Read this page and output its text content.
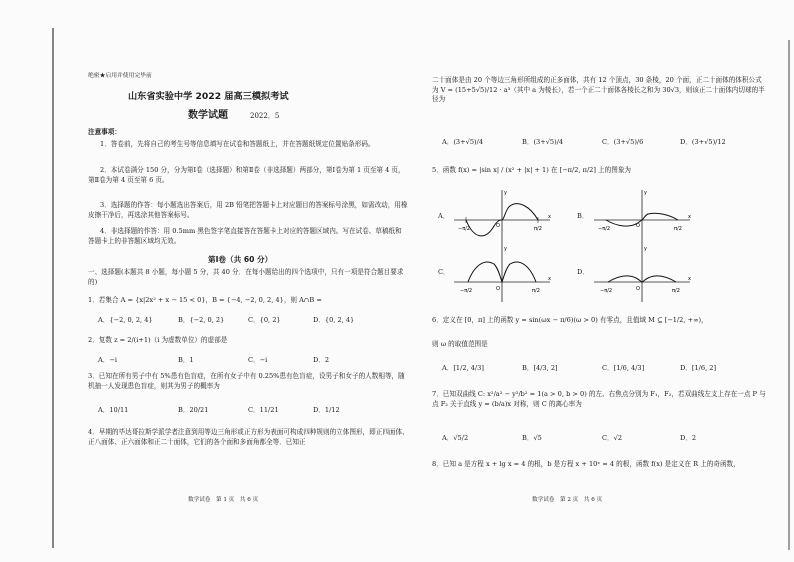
绝密★启用并使用完毕前
山东省实验中学 2022 届高三模拟考试
数学试题	2022．5
注意事项：
1．答卷前，先将自己的考生号等信息填写在试卷和答题纸上，并在答题纸规定位置贴条形码。
2．本试卷满分 150 分，分为第Ⅰ卷（选择题）和第Ⅱ卷（非选择题）两部分，第Ⅰ卷为第 1 页至第 4 页，第Ⅱ卷为第 4 页至第 6 页。
3．选择题的作答：每小题选出答案后，用 2B 铅笔把答题卡上对应题目的答案标号涂黑，如需改动，用橡皮擦干净后，再选涂其他答案标号。
4．非选择题的作答：用 0.5mm 黑色签字笔直接答在答题卡上对应的答题区域内。写在试卷、草稿纸和答题卡上的非答题区域均无效。
第Ⅰ卷（共 60 分）
一、选择题(本题共 8 小题，每小题 5 分，共 40 分．在每小题给出的四个选项中，只有一项是符合题目要求的)
1．若集合 A = {x|2x² + x − 15 < 0}，B = {−4, −2, 0, 2, 4}，则 A∩B =
A．{−2, 0, 2, 4}	B．{−2, 0, 2}	C．{0, 2}	D．{0, 2, 4}
2．复数 z = 2/(i+1)（i 为虚数单位）的虚部是
A．−i	B．1	C．−i	D．2
3．已知在所有男子中有 5%患有色盲症，在所有女子中有 0.25%患有色盲症，设男子和女子的人数相等，随机抽一人发现患色盲症，则其为男子的概率为
A．10/11	B．20/21	C．11/21	D．1/12
4．早期的毕达哥拉斯学派学者注意到用等边三角形或正方形为表面可构成四种规则的立体图形，即正四面体、正八面体、正六面体和正二十面体，它们的各个面和多面角都全等．已知正
数学试卷　第 1 页　共 6 页
二十面体是由 20 个等边三角形所组成的正多面体，共有 12 个顶点，30 条棱，20 个面，正二十面体的体积公式为 V = (15+5√5)/12 · a³（其中 a 为棱长），若一个正二十面体各棱长之和为 30√3，则该正二十面体内切球的半径为
A．(3+√5)/4	B．(3+√5)/4	C．(3+√5)/6	D．(3+√5)/12
5．函数 f(x) = |sin x| / (x² + |x| + 1) 在 [−π/2, π/2] 上的图象为
A．
−π/2	π/2
x
y
O
B．
−π/2	π/2
x
y
O
C．
−π/2	π/2
x
y
O
D．
−π/2	π/2
x
y
O
6．定义在 [0，π] 上的函数 y = sin(ωx − π/6)(ω > 0) 有零点，且值域 M ⊆ [−1/2, +∞)，
则 ω 的取值范围是
A．[1/2, 4/3]	B．[4/3, 2]	C．[1/6, 4/3]	D．[1/6, 2]
7．已知双曲线 C: x²/a² − y²/b² = 1(a > 0, b > 0) 的左、右焦点分别为 F₁，F₂，若双曲线左支上存在一点 P 与点 F₂ 关于直线 y = (b/a)x 对称，则 C 的离心率为
A．√5/2	B．√5	C．√2	D．2
8．已知 a 是方程 x + lg x = 4 的根，b 是方程 x + 10ˣ = 4 的根，函数 f(x) 是定义在 R 上的奇函数，
数学试卷　第 2 页　共 6 页
